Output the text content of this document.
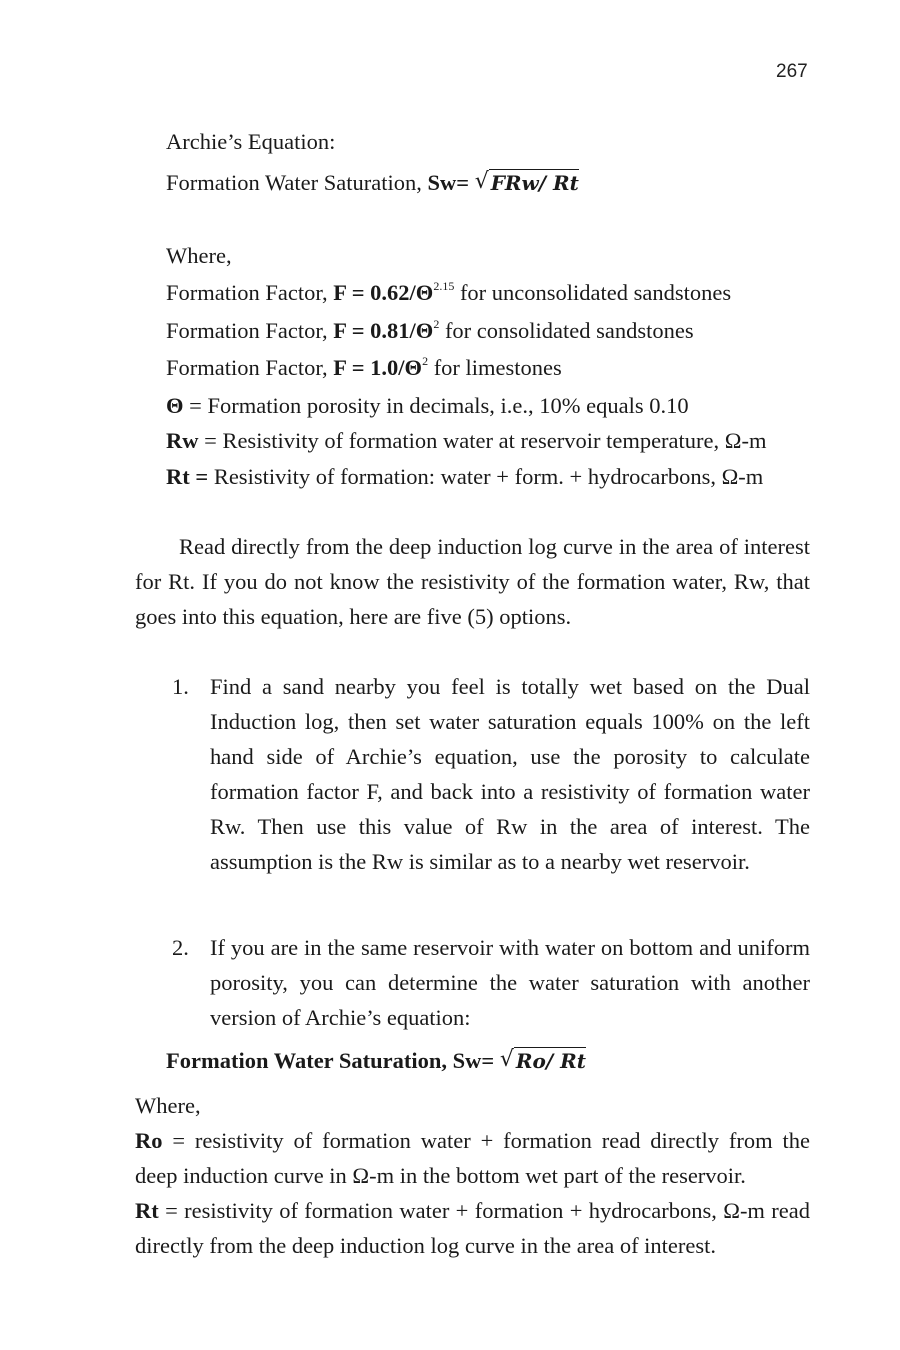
267
Archie’s Equation:
Formation Water Saturation, Sw= √ FRw/ Rt
Where,
Formation Factor, $F = 0.62/\Theta^{2.15}$ for unconsolidated sandstones
Formation Factor, $F = 0.81/\Theta^2$ for consolidated sandstones
Formation Factor, $F = 1.0/\Theta^2$ for limestones
Θ = Formation porosity in decimals, i.e., 10% equals 0.10
Rw = Resistivity of formation water at reservoir temperature, Ω-m
Rt = Resistivity of formation: water + form. + hydrocarbons, Ω-m
Read directly from the deep induction log curve in the area of interest for Rt. If you do not know the resistivity of the formation water, Rw, that goes into this equation, here are five (5) options.
1. Find a sand nearby you feel is totally wet based on the Dual Induction log, then set water saturation equals 100% on the left hand side of Archie’s equation, use the porosity to calculate formation factor F, and back into a resistivity of formation water Rw. Then use this value of Rw in the area of interest. The assumption is the Rw is similar as to a nearby wet reservoir.
2. If you are in the same reservoir with water on bottom and uniform porosity, you can determine the water saturation with another version of Archie’s equation:
Formation Water Saturation, Sw= √ Ro/ Rt
Where,
Ro = resistivity of formation water + formation read directly from the deep induction curve in Ω-m in the bottom wet part of the reservoir.
Rt = resistivity of formation water + formation + hydrocarbons, Ω-m read directly from the deep induction log curve in the area of interest.
